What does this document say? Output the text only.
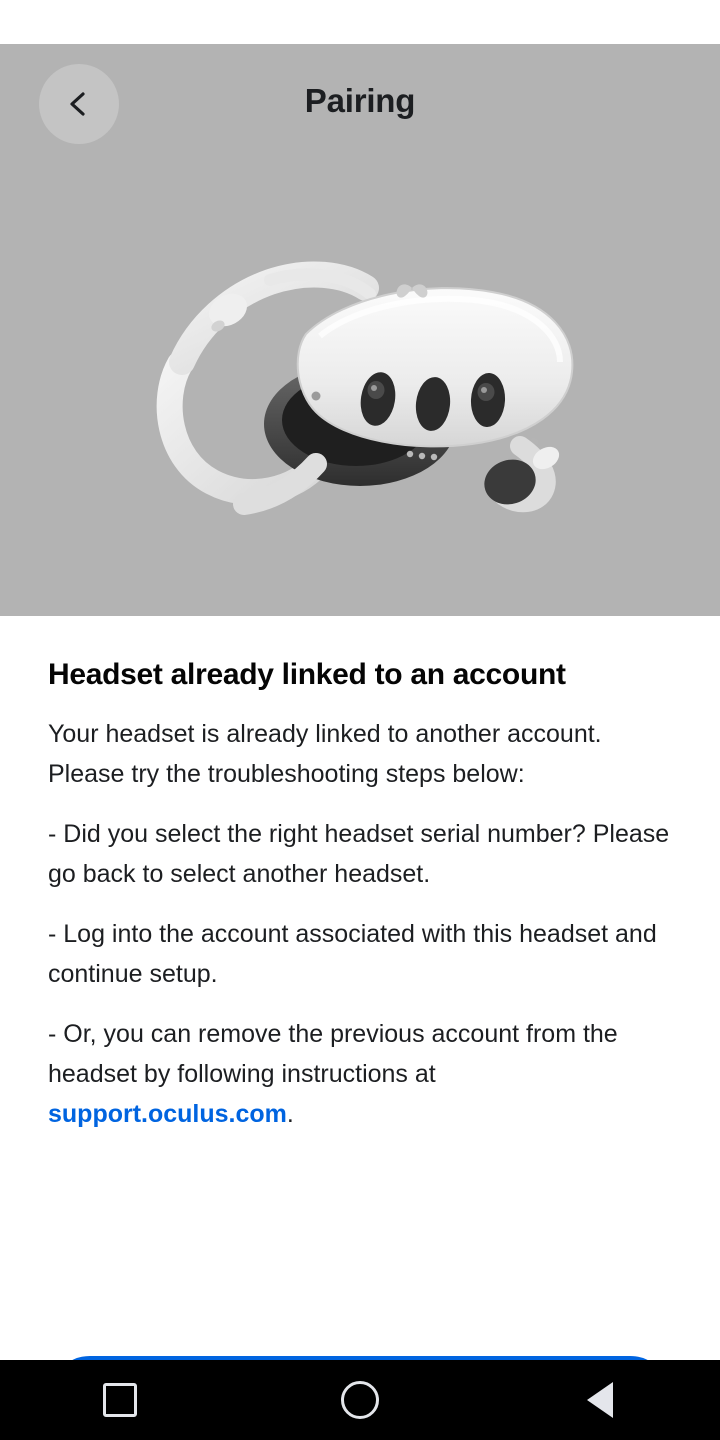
Pairing
Headset already linked to an account

Your headset is already linked to another account. Please try the troubleshooting steps below:

- Did you select the right headset serial number? Please go back to select another headset.

- Log into the account associated with this headset and continue setup.

- Or, you can remove the previous account from the headset by following instructions at support.oculus.com.
